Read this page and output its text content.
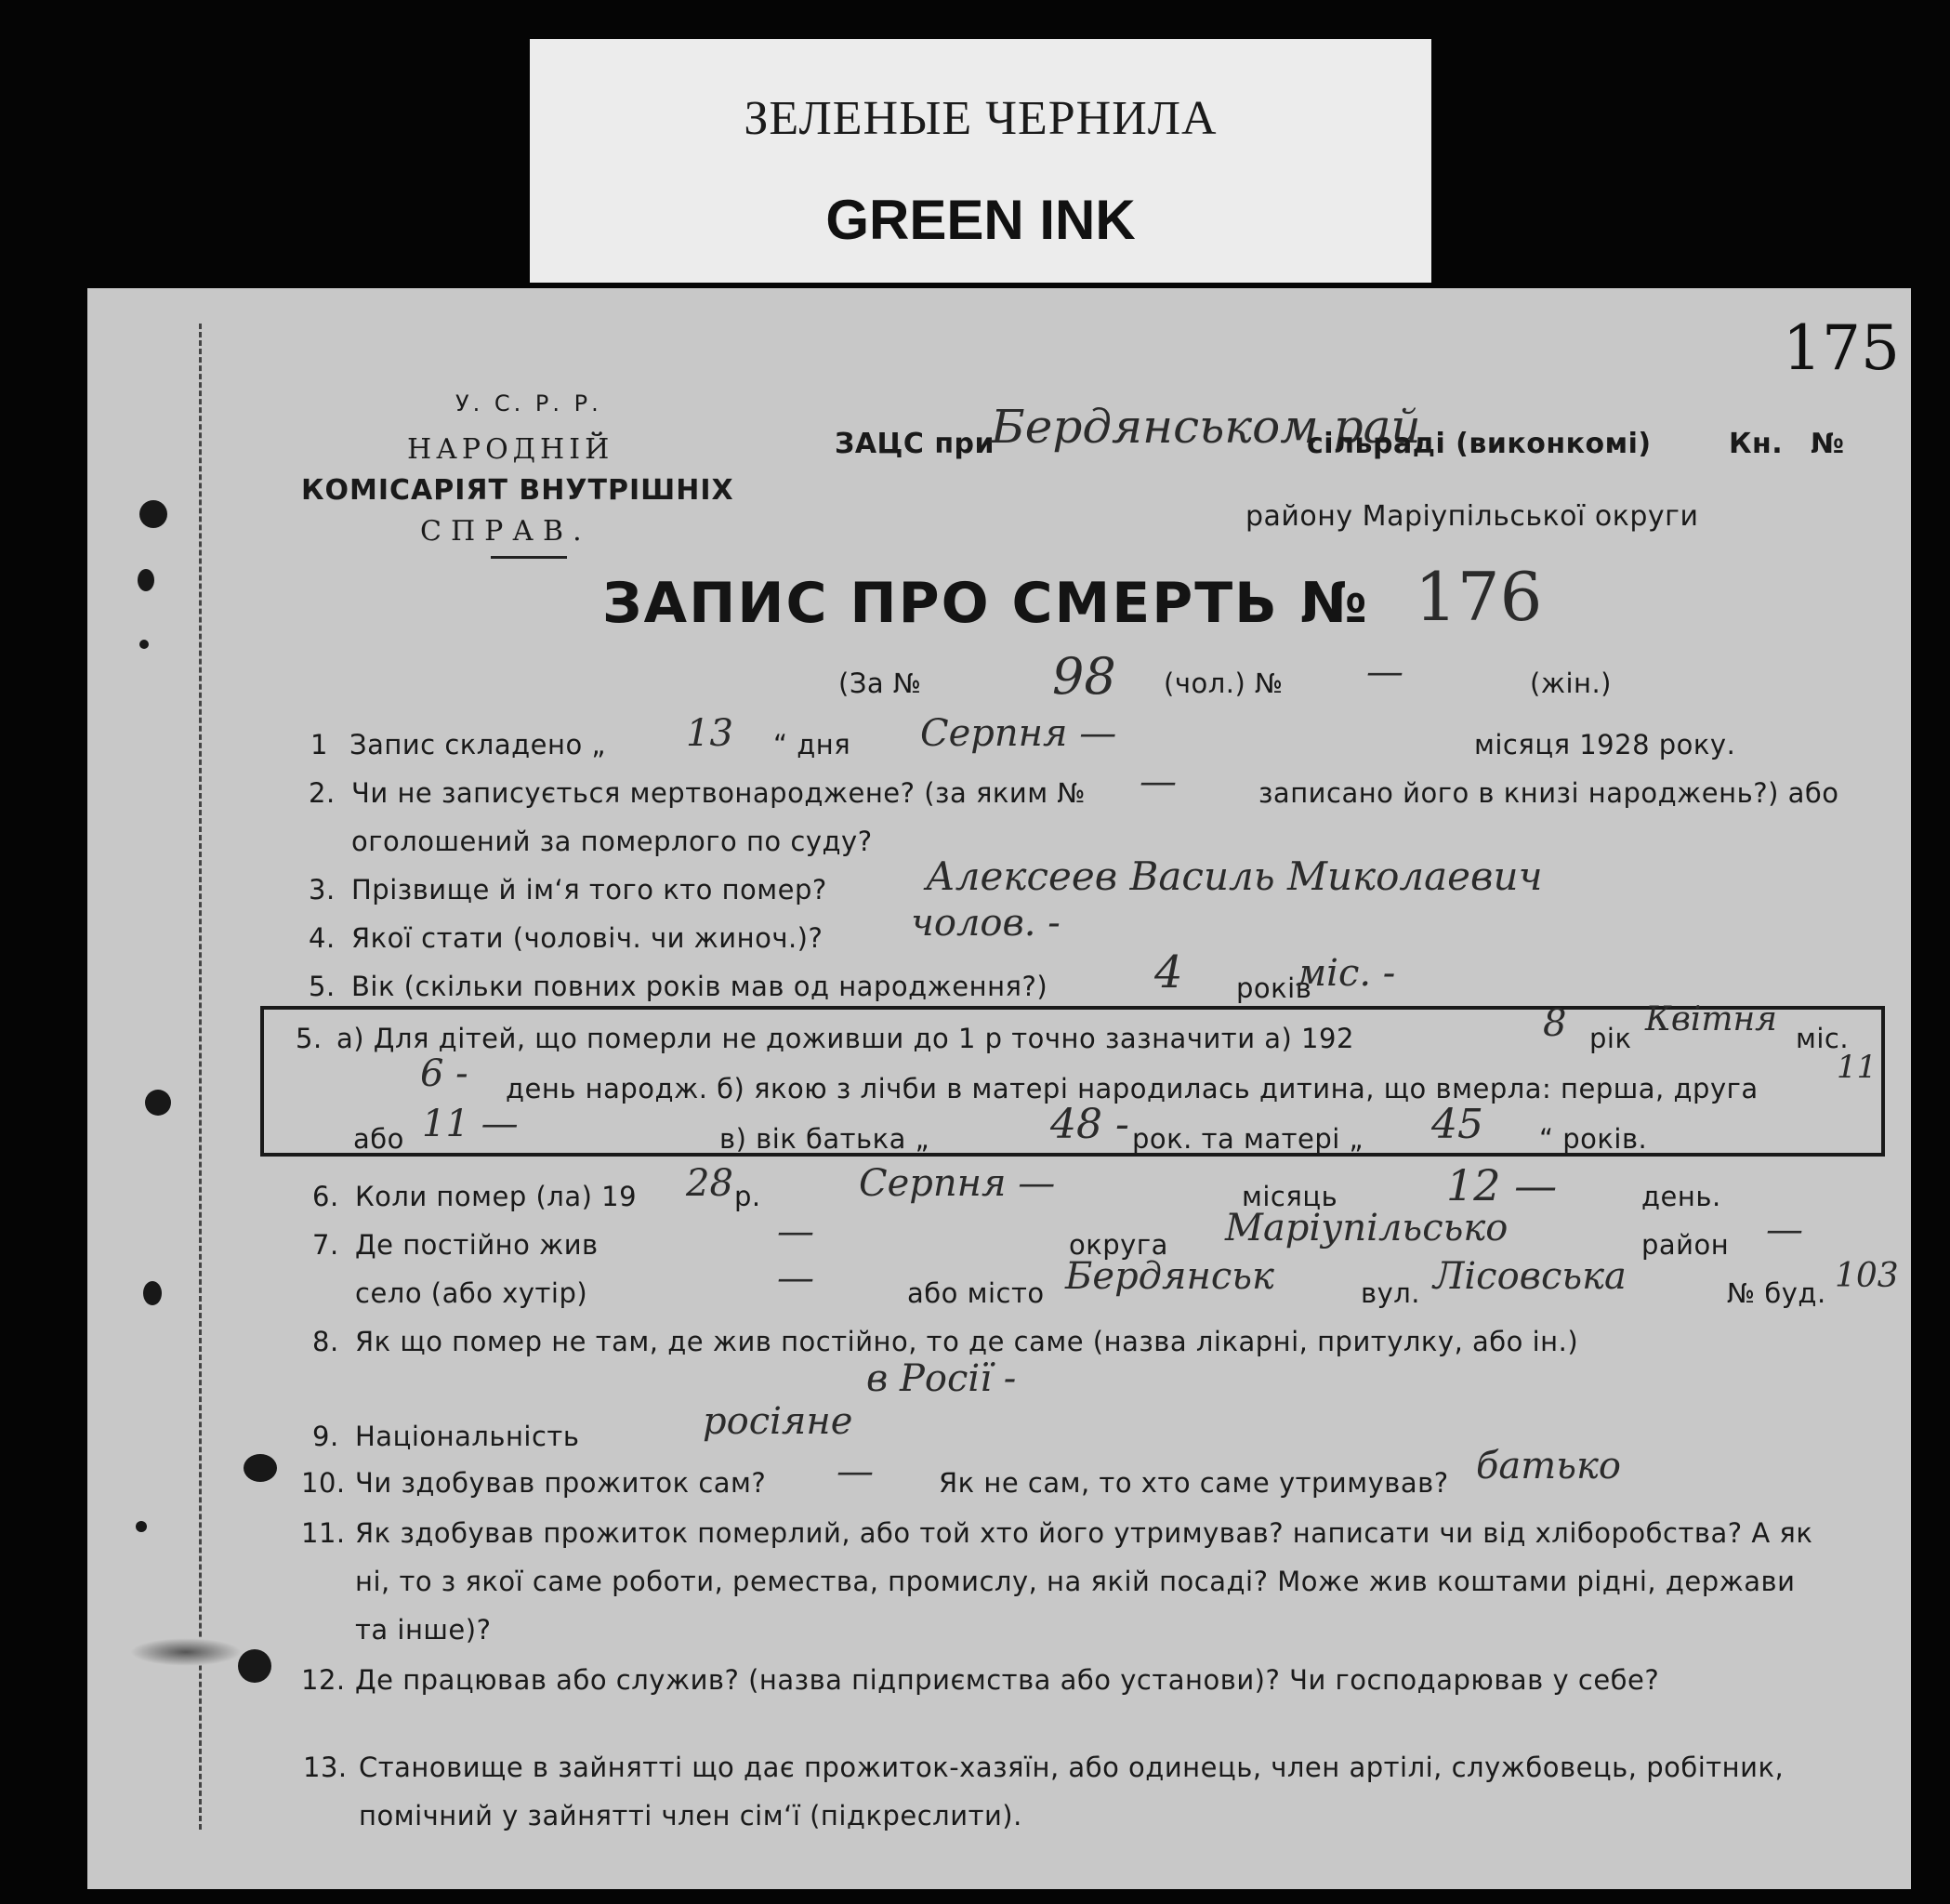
ЗЕЛЕНЫЕ ЧЕРНИЛА
GREEN INK
175
У. С. Р. Р.
НАРОДНІЙ
КОМІСАРІЯТ ВНУТРІШНІХ
СПРАВ.
ЗАЦС при
Бердянськом рай
сільраді (виконкомі)	Кн. №
району Маріупільської округи
ЗАПИС ПРО СМЕРТЬ № 176
(За №	98 (чол.) № —	(жін.)
1 Запис складено „ 13 “ дня Серпня —	місяця 1928 року.
2. Чи не записується мертвонароджене? (за яким № —	записано його в книзі народжень?) або
оголошений за померлого по суду?
3. Прізвище й ім‘я того кто помер?	Алексеев Василь Миколаевич
4. Якої стати (чоловіч. чи жиноч.)? чолов. -
5. Вік (скільки повних років мав од народження?) 4 років
міс. -
5. а) Для дітей, що померли не доживши до 1 р точно зазначити а) 192	8 рік Квітня міс.
6 - день народж. б) якою з лічби в матері народилась дитина, що вмерла: перша, друга
11
або 11 —	в) вік батька „	48 - рок. та матері „ 45 “ років.
6. Коли помер (ла) 19 28 р.	Серпня —	місяць	12 —	день.
7. Де постійно жив	—	округа Маріупільсько	район —
село (або хутір)	—	або місто Бердянськ	вул. Лісовська	№ буд. 103
8. Як що помер не там, де жив постійно, то де саме (назва лікарні, притулку, або ін.)
в Росії -
9. Національність	росіяне
10. Чи здобував прожиток сам? — Як не сам, то хто саме утримував? батько
11. Як здобував прожиток померлий, або той хто його утримував? написати чи від хліборобства? А як
ні, то з якої саме роботи, ремества, промислу, на якій посаді? Може жив коштами рідні, держави
та інше)?
12. Де працював або служив? (назва підприємства або установи)? Чи господарював у себе?
13. Становище в зайнятті що дає прожиток-хазяїн, або одинець, член артілі, службовець, робітник,
помічний у зайнятті член сім‘ї (підкреслити).
